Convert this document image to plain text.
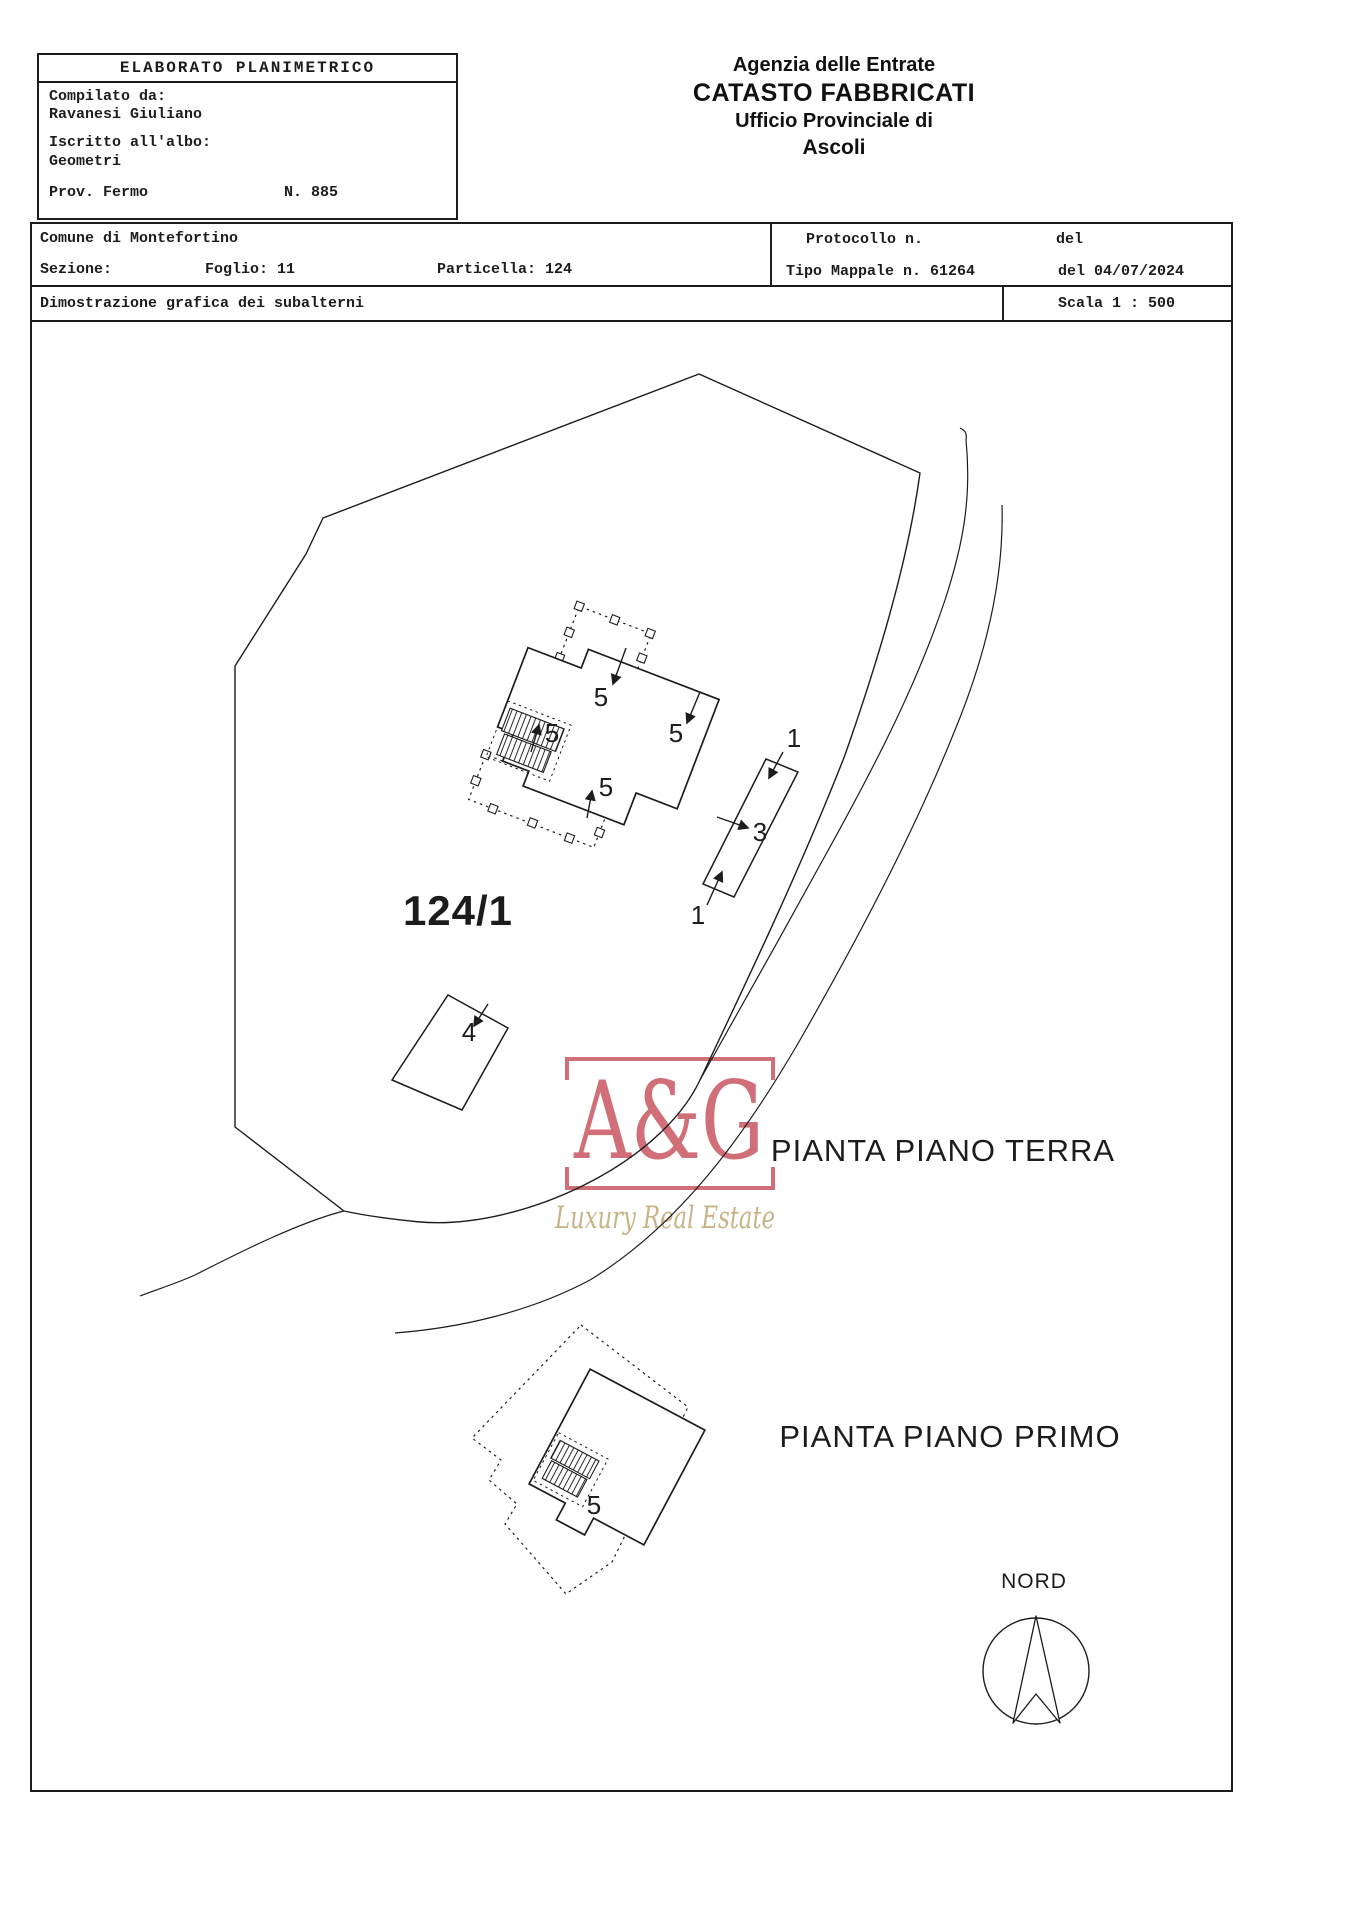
ELABORATO PLANIMETRICO
Compilato da:
Ravanesi Giuliano
Iscritto all'albo:
Geometri
Prov. Fermo	N. 885
Agenzia delle Entrate
CATASTO FABBRICATI
Ufficio Provinciale di
Ascoli
Comune di Montefortino
Sezione:	Foglio: 11	Particella: 124
Protocollo n.	del
Tipo Mappale n. 61264	del 04/07/2024
Dimostrazione grafica dei subalterni	Scala 1 : 500
A&G
Luxury Real Estate
5
5
5
5
1
3
1
4
5
124/1
PIANTA PIANO TERRA
PIANTA PIANO PRIMO
NORD
